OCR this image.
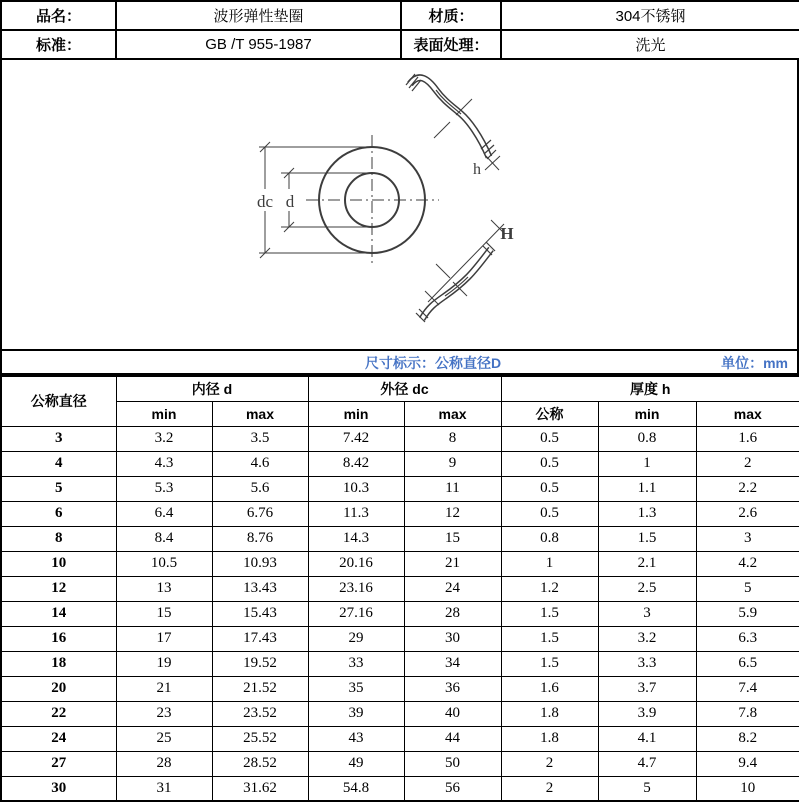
品名：	波形弹性垫圈	材质：	304不锈钢
标准：	GB /T 955-1987	表面处理：	洗光
dc d
h
H
尺寸标示：公称直径D	单位：mm
公称直径	内径 d		外径 dc		厚度 h		
	min	max	min	max	公称	min	max
3	3.2	3.5	7.42	8	0.5	0.8	1.6
4	4.3	4.6	8.42	9	0.5	1	2
5	5.3	5.6	10.3	11	0.5	1.1	2.2
6	6.4	6.76	11.3	12	0.5	1.3	2.6
8	8.4	8.76	14.3	15	0.8	1.5	3
10	10.5	10.93	20.16	21	1	2.1	4.2
12	13	13.43	23.16	24	1.2	2.5	5
14	15	15.43	27.16	28	1.5	3	5.9
16	17	17.43	29	30	1.5	3.2	6.3
18	19	19.52	33	34	1.5	3.3	6.5
20	21	21.52	35	36	1.6	3.7	7.4
22	23	23.52	39	40	1.8	3.9	7.8
24	25	25.52	43	44	1.8	4.1	8.2
27	28	28.52	49	50	2	4.7	9.4
30	31	31.62	54.8	56	2	5	10
